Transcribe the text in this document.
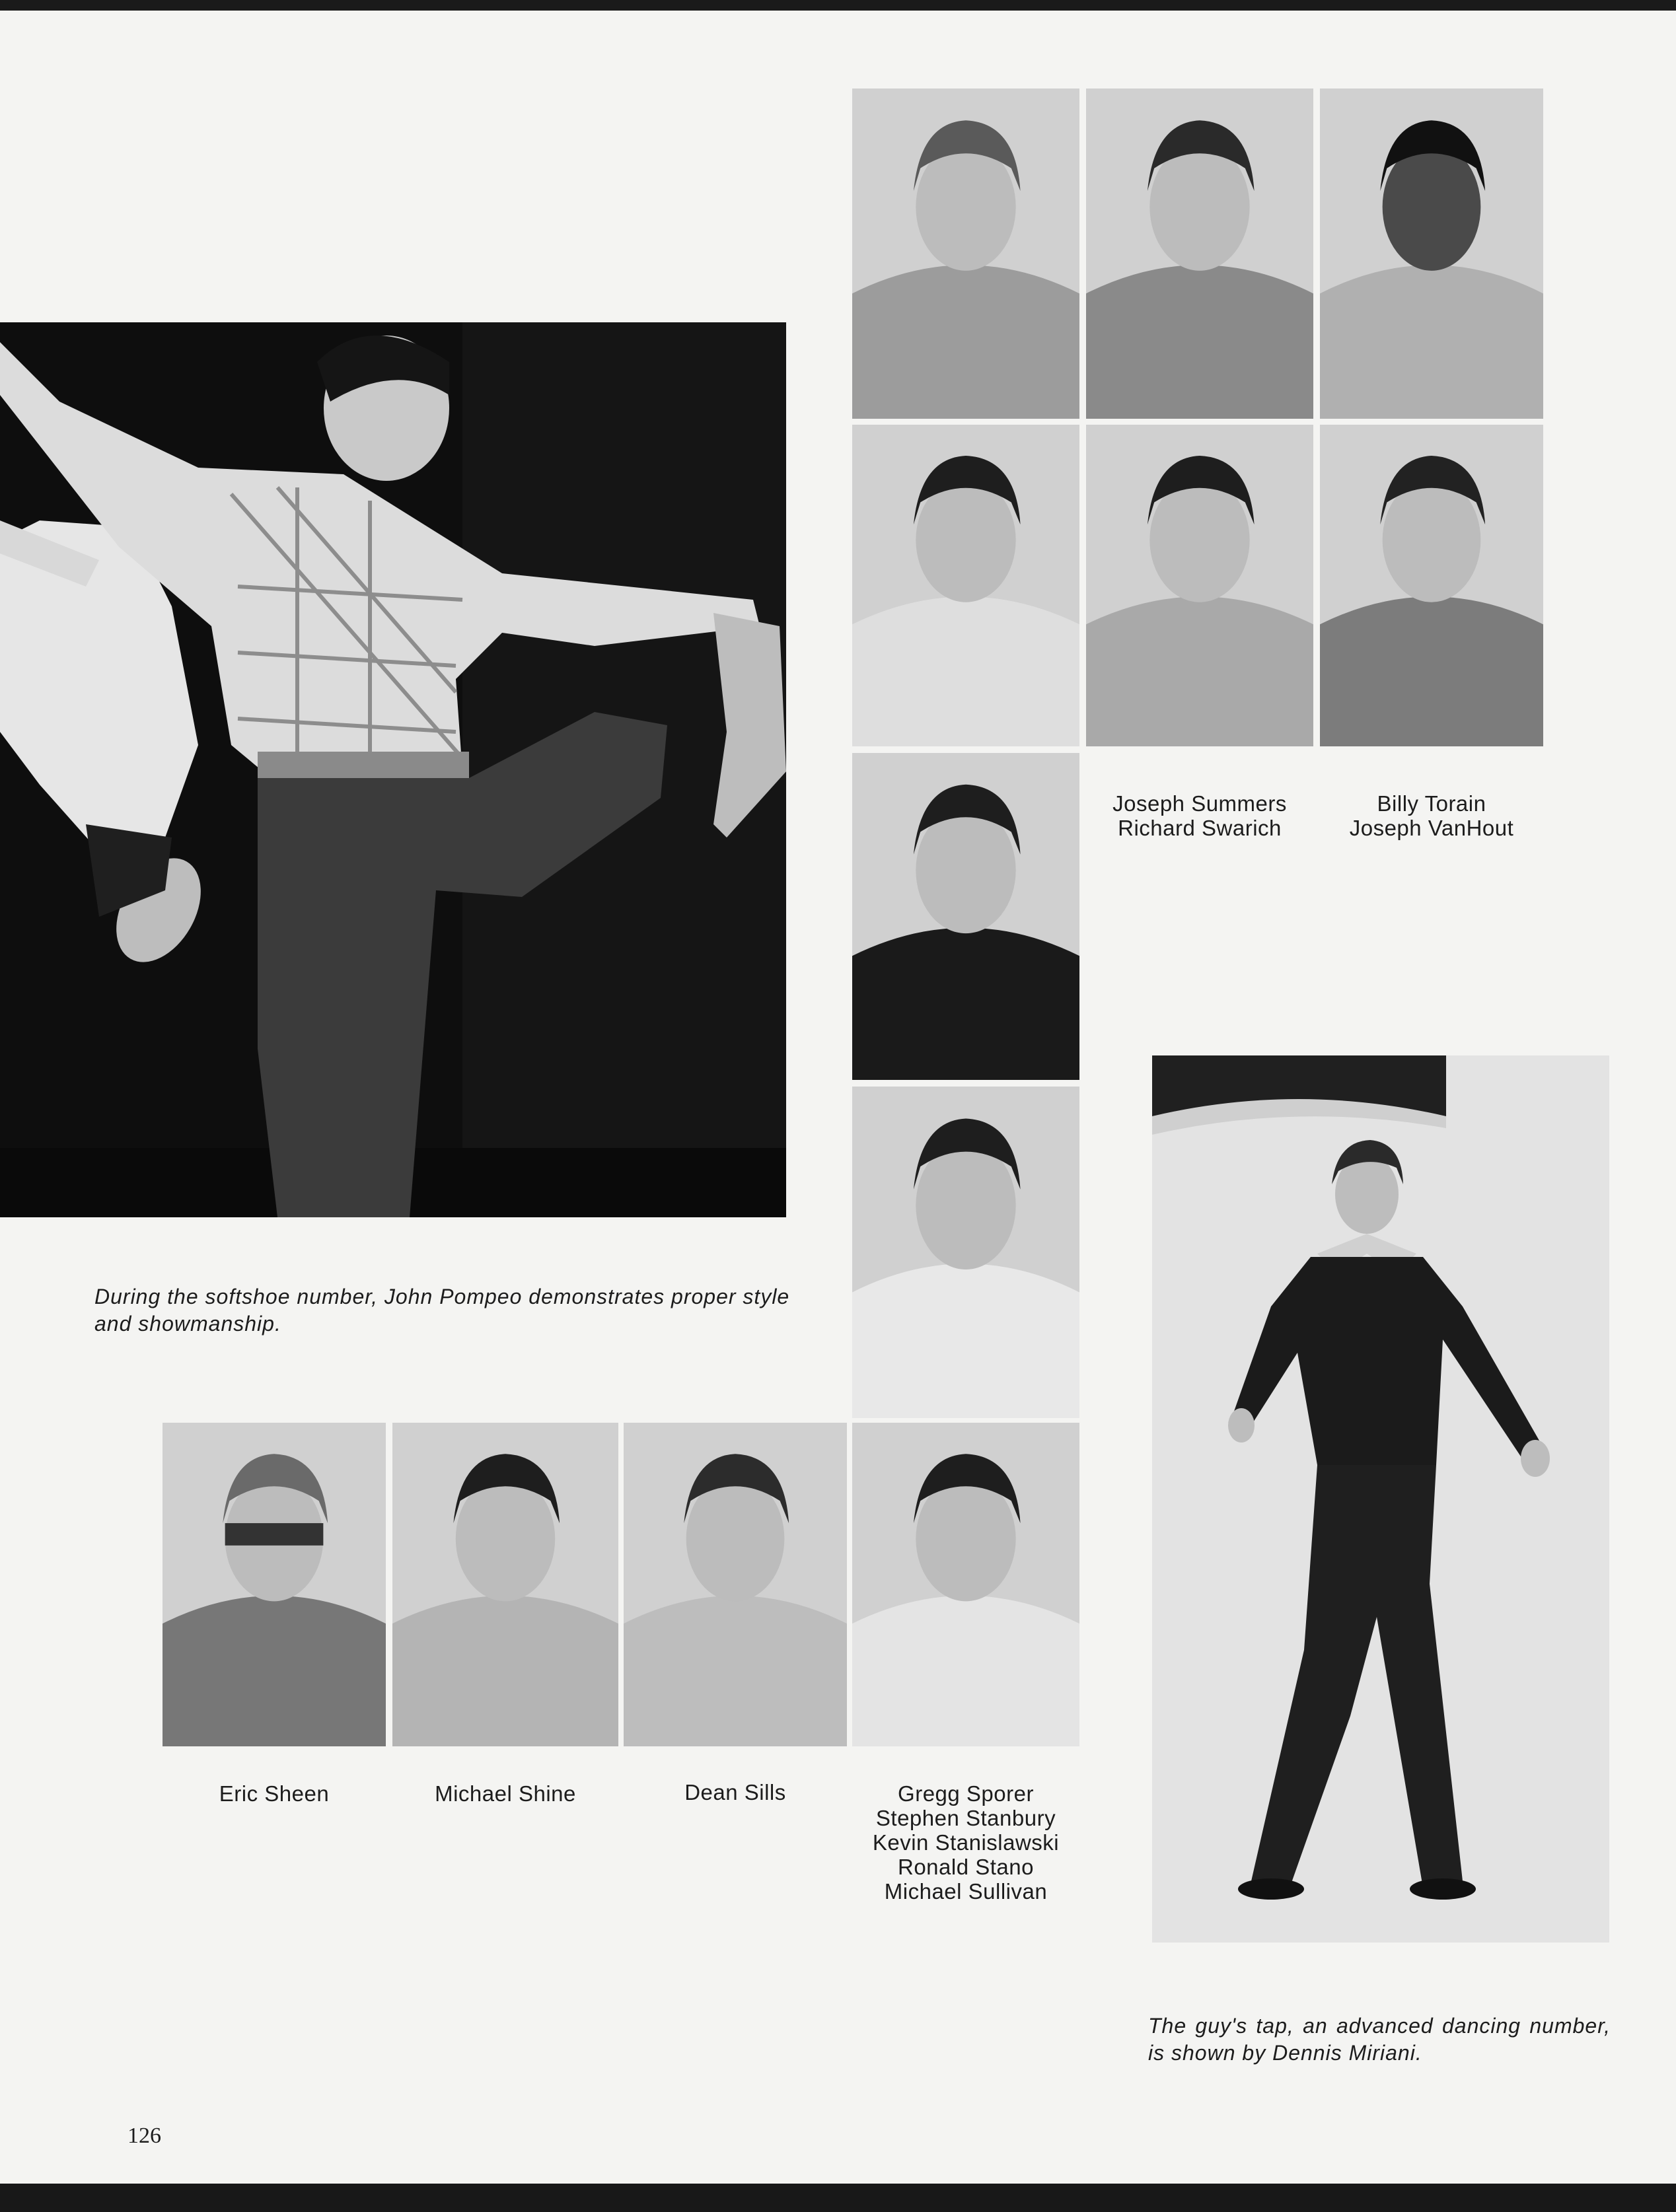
During the softshoe number, John Pompeo demonstrates proper style and showmanship.
Joseph Summers
Richard Swarich
Billy Torain
Joseph VanHout
Eric Sheen	Michael Shine	Dean Sills	Gregg Sporer
Stephen Stanbury
Kevin Stanislawski
Ronald Stano
Michael Sullivan
The guy's tap, an advanced dancing number, is shown by Dennis Miriani.
126
